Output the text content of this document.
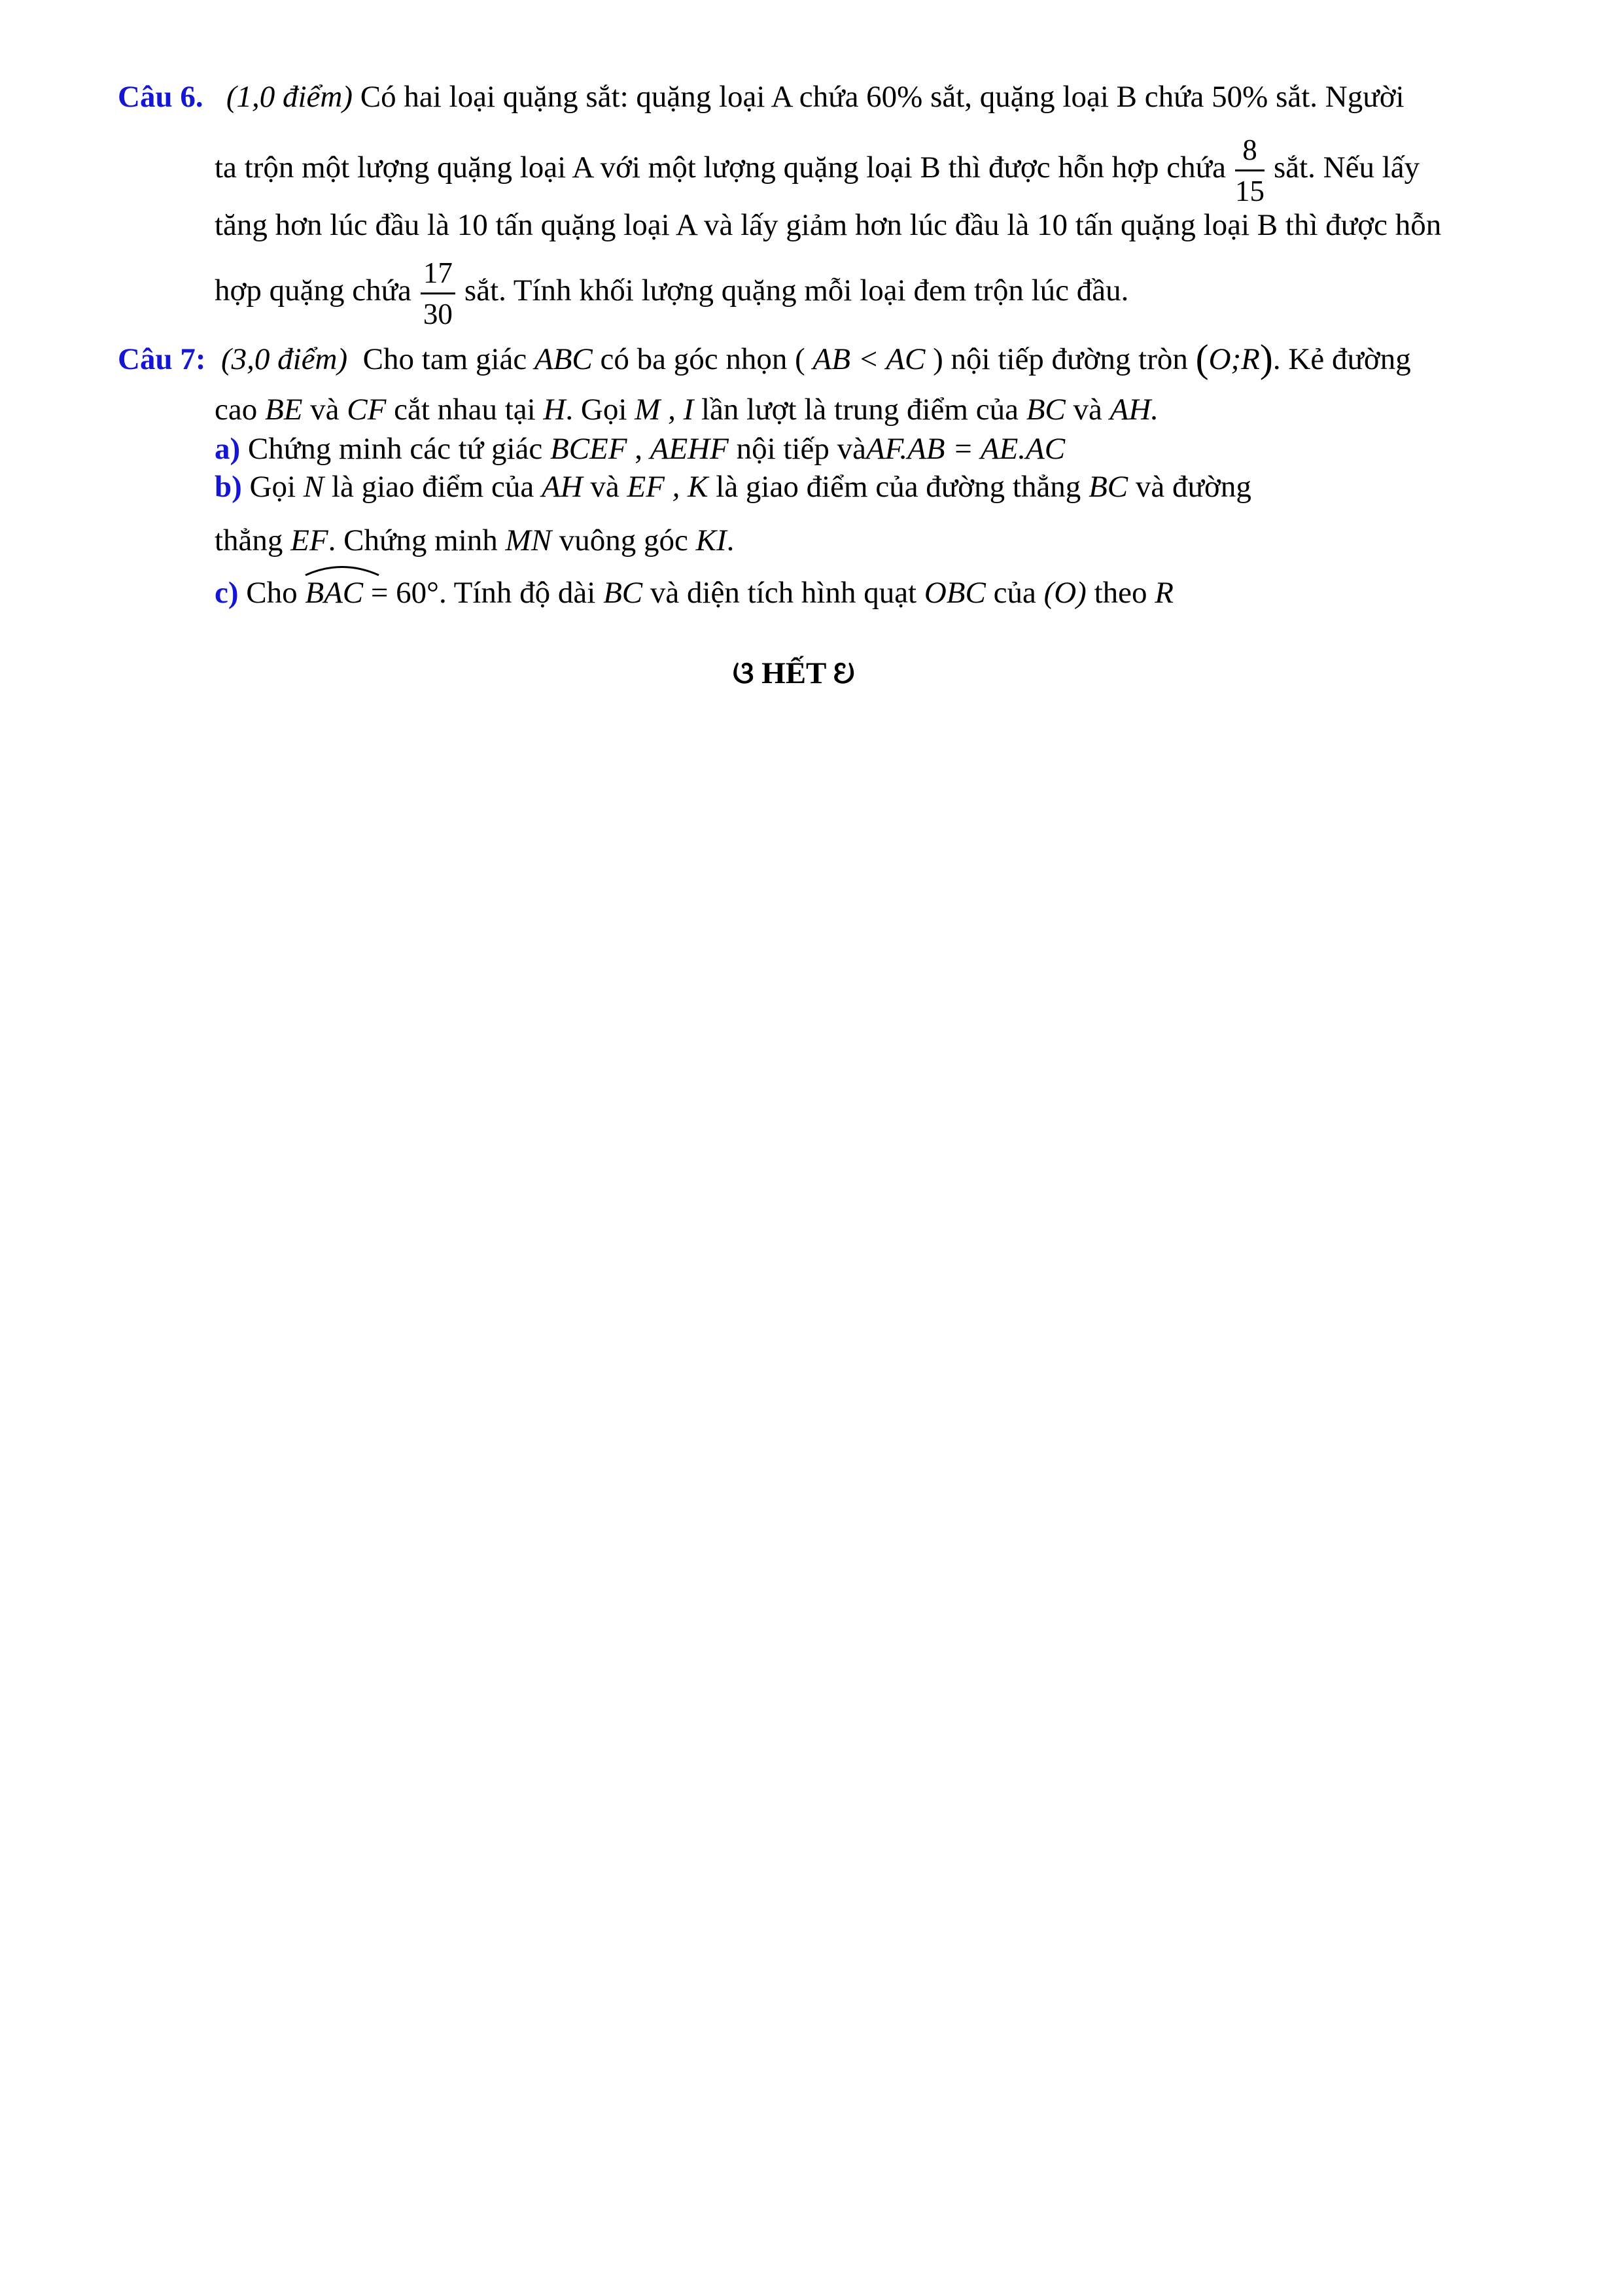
Câu 6. (1,0 điểm) Có hai loại quặng sắt: quặng loại A chứa 60% sắt, quặng loại B chứa 50% sắt. Người
ta trộn một lượng quặng loại A với một lượng quặng loại B thì được hỗn hợp chứa $\frac{8}{15}$ sắt. Nếu lấy
tăng hơn lúc đầu là 10 tấn quặng loại A và lấy giảm hơn lúc đầu là 10 tấn quặng loại B thì được hỗn
hợp quặng chứa $\frac{17}{30}$ sắt. Tính khối lượng quặng mỗi loại đem trộn lúc đầu.
Câu 7: (3,0 điểm) Cho tam giác ABC có ba góc nhọn ( AB < AC ) nội tiếp đường tròn (O;R). Kẻ đường
cao BE và CF cắt nhau tại H. Gọi M , I lần lượt là trung điểm của BC và AH.
a) Chứng minh các tứ giác BCEF , AEHF nội tiếp vàAF.AB = AE.AC
b) Gọi N là giao điểm của AH và EF , K là giao điểm của đường thẳng BC và đường
thẳng EF. Chứng minh MN vuông góc KI.
c) Cho BAC = 60°. Tính độ dài BC và diện tích hình quạt OBC của (O) theo R
ଓ HẾT ଓ
